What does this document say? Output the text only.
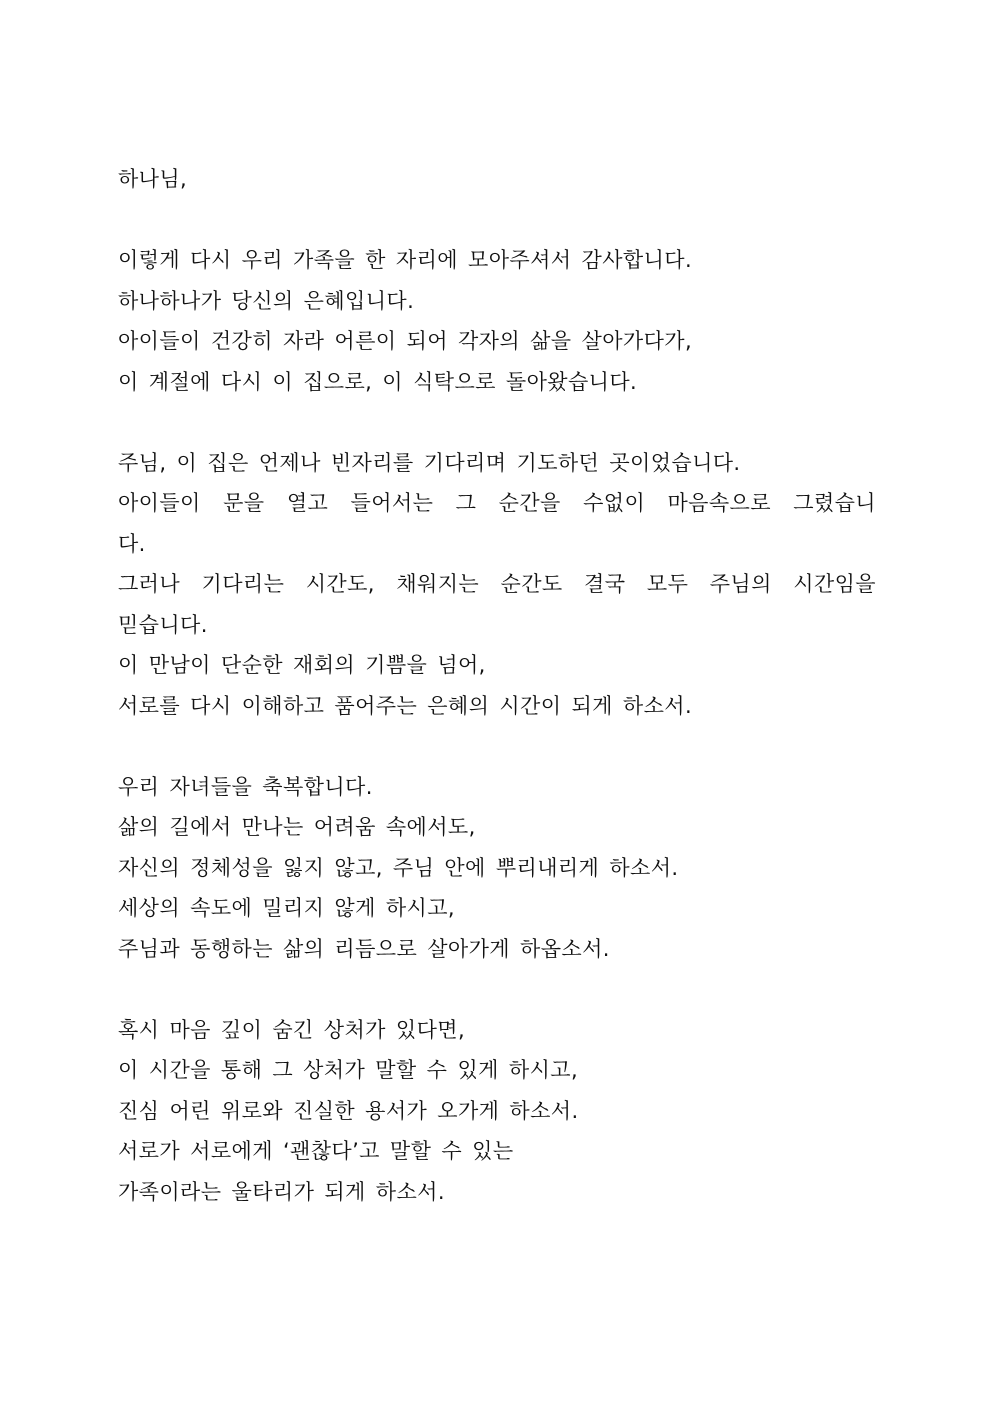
하나님,
이렇게 다시 우리 가족을 한 자리에 모아주셔서 감사합니다.
하나하나가 당신의 은혜입니다.
아이들이 건강히 자라 어른이 되어 각자의 삶을 살아가다가,
이 계절에 다시 이 집으로, 이 식탁으로 돌아왔습니다.
주님, 이 집은 언제나 빈자리를 기다리며 기도하던 곳이었습니다.
아이들이 문을 열고 들어서는 그 순간을 수없이 마음속으로 그렸습니
다.
그러나 기다리는 시간도, 채워지는 순간도 결국 모두 주님의 시간임을
믿습니다.
이 만남이 단순한 재회의 기쁨을 넘어,
서로를 다시 이해하고 품어주는 은혜의 시간이 되게 하소서.
우리 자녀들을 축복합니다.
삶의 길에서 만나는 어려움 속에서도,
자신의 정체성을 잃지 않고, 주님 안에 뿌리내리게 하소서.
세상의 속도에 밀리지 않게 하시고,
주님과 동행하는 삶의 리듬으로 살아가게 하옵소서.
혹시 마음 깊이 숨긴 상처가 있다면,
이 시간을 통해 그 상처가 말할 수 있게 하시고,
진심 어린 위로와 진실한 용서가 오가게 하소서.
서로가 서로에게 ‘괜찮다’고 말할 수 있는
가족이라는 울타리가 되게 하소서.
